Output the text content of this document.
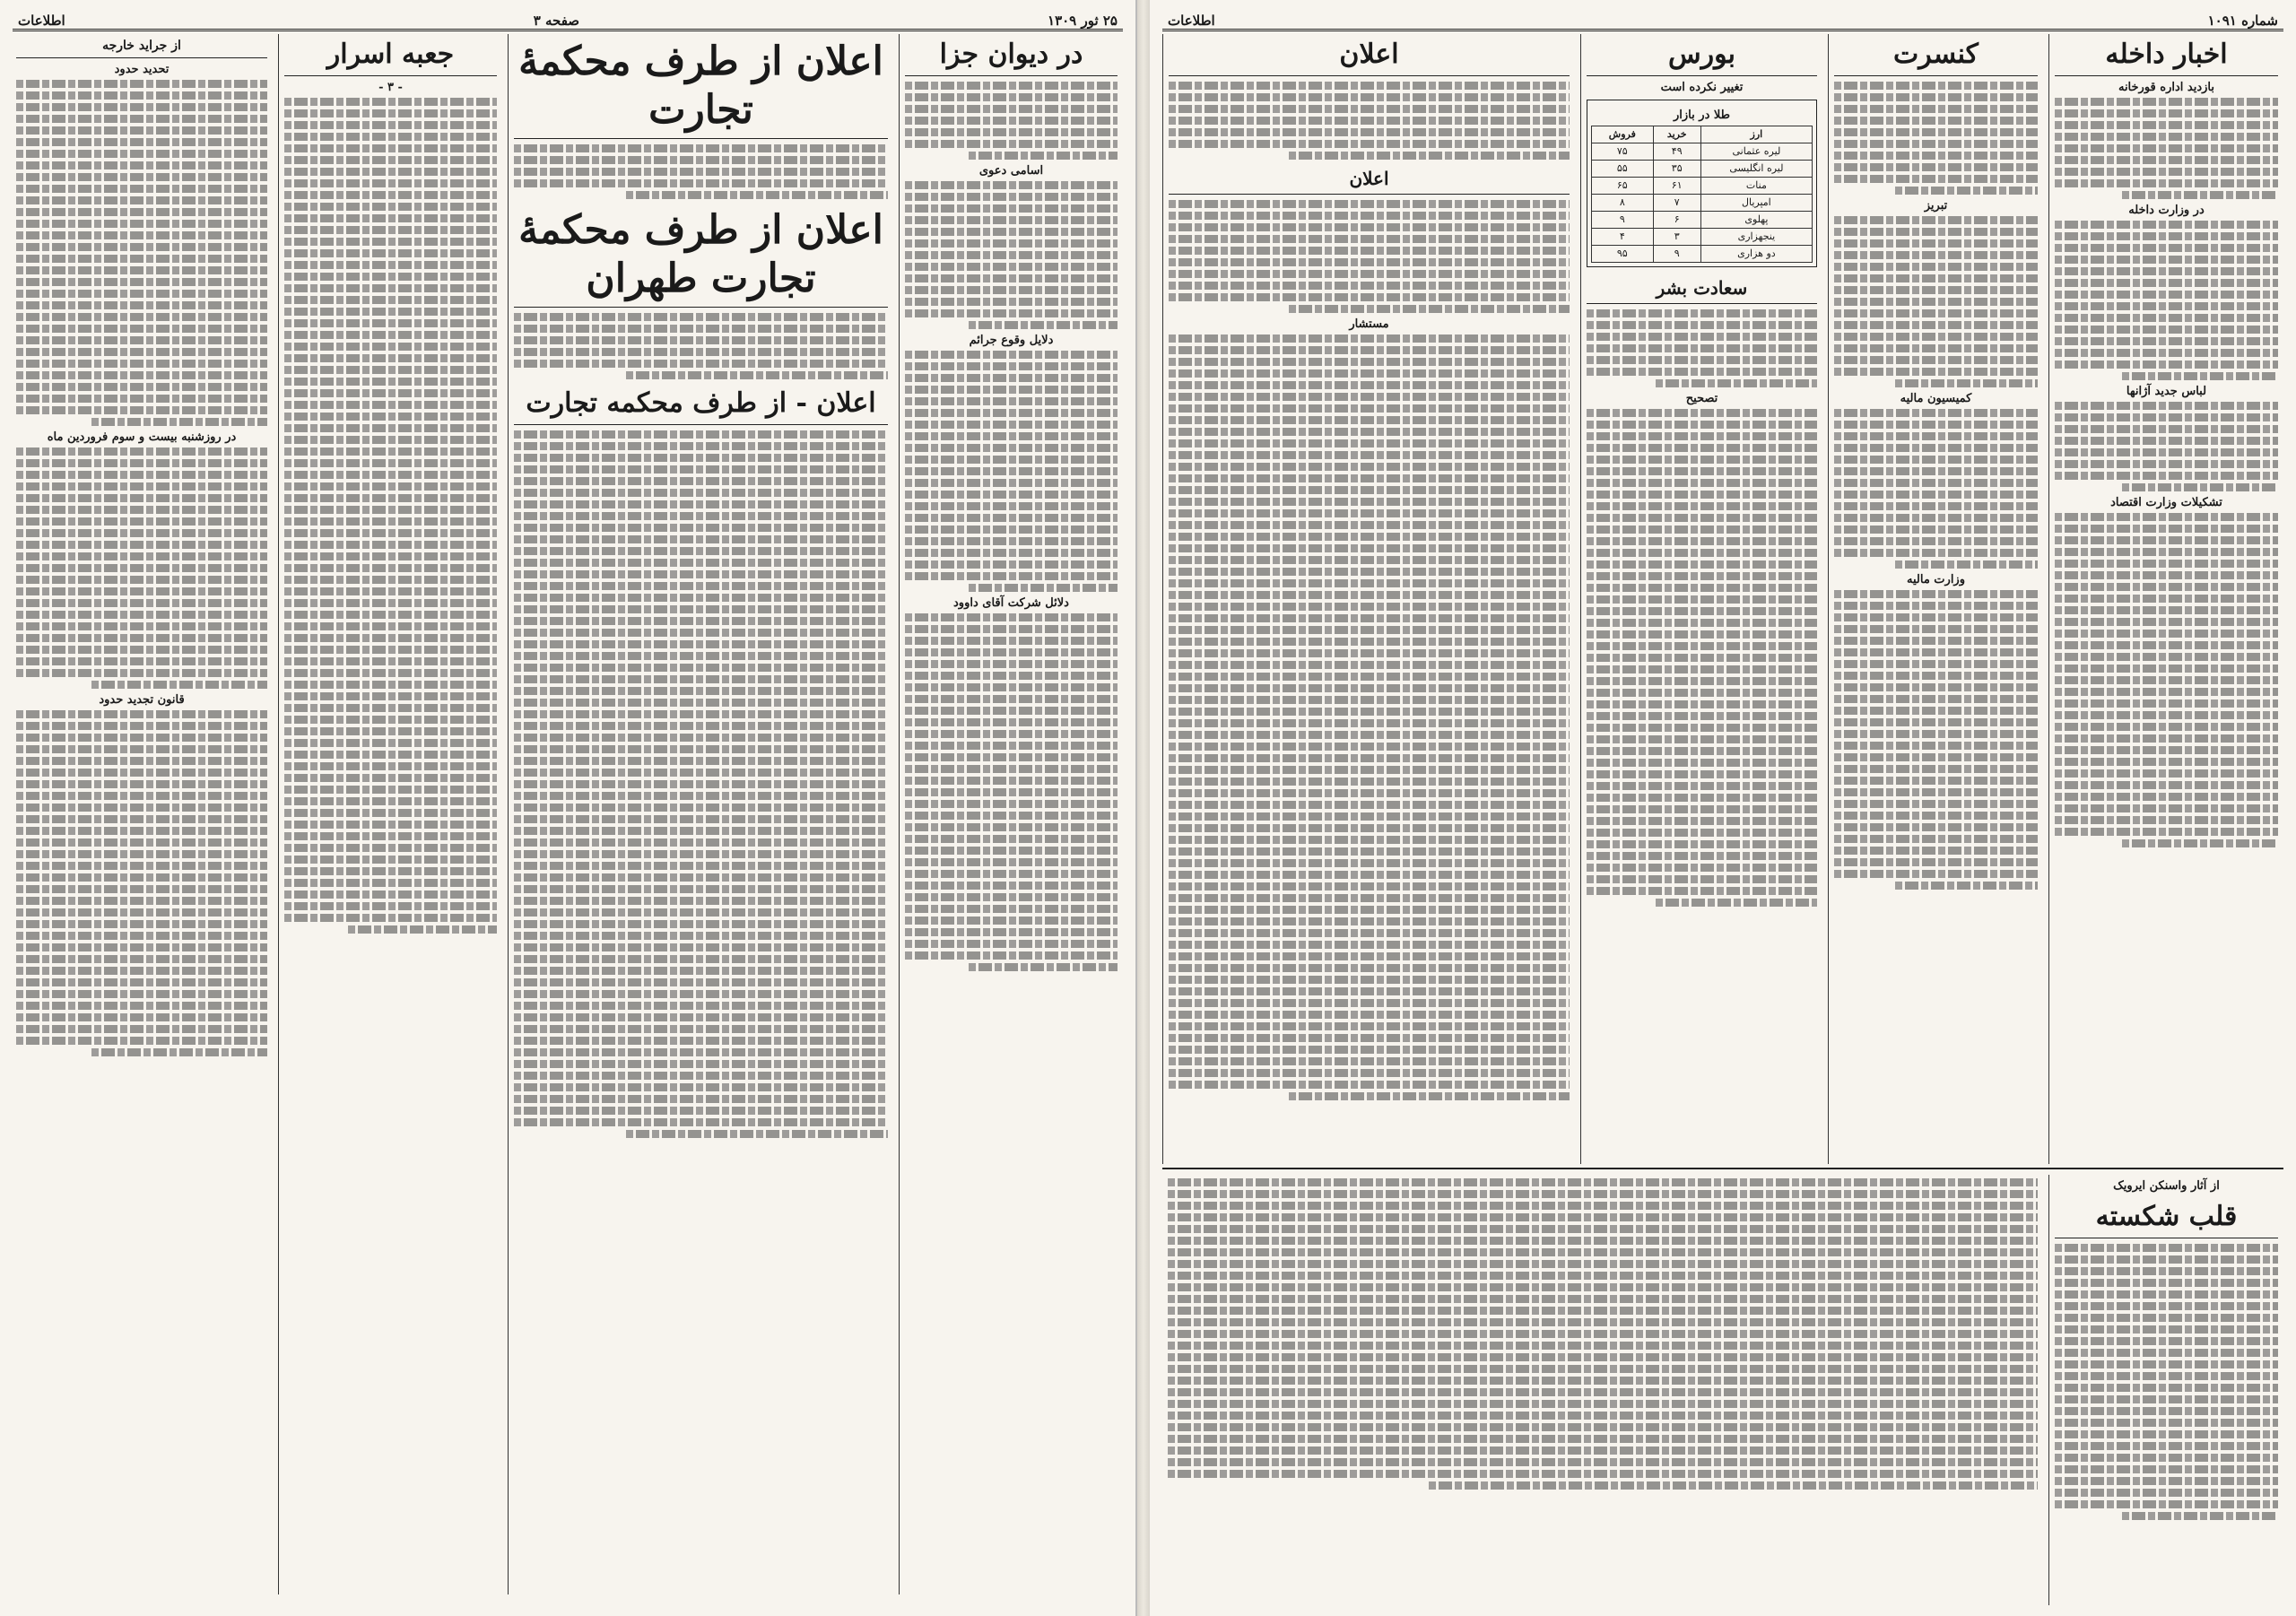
۲۵ ثور ۱۳۰۹
صفحه ۳
اطلاعات
در دیوان جزا
اسامی دعوی
دلایل وقوع جرائم
دلائل شرکت آقای داوود
اعلان از طرف محکمهٔ تجارت
اعلان از طرف محکمهٔ تجارت طهران
اعلان - از طرف محکمه تجارت
جعبه اسرار
- ۳ -
از جراید خارجه
تحدید حدود
در روزشنبه بیست و سوم فروردین ماه
قانون تجدید حدود
شماره ۱۰۹۱
اطلاعات
اخبار داخله
بازدید اداره قورخانه
در وزارت داخله
لباس جدید آژانها
تشکیلات وزارت اقتصاد
کنسرت
تبریز
کمیسیون مالیه
وزارت مالیه
بورس
تغییر نکرده است
طلا در بازار
ارز	خرید	فروش
لیره عثمانی	۴۹	۷۵
لیره انگلیسی	۳۵	۵۵
منات	۶۱	۶۵
امپریال	۷	۸
پهلوی	۶	۹
ینجهزاری	۳	۴
دو هزاری	۹	۹۵
سعادت بشر
تصحیح
اعلان
اعلان
مستشار
از آثار واسنکن ایرویک
قلب شکسته
